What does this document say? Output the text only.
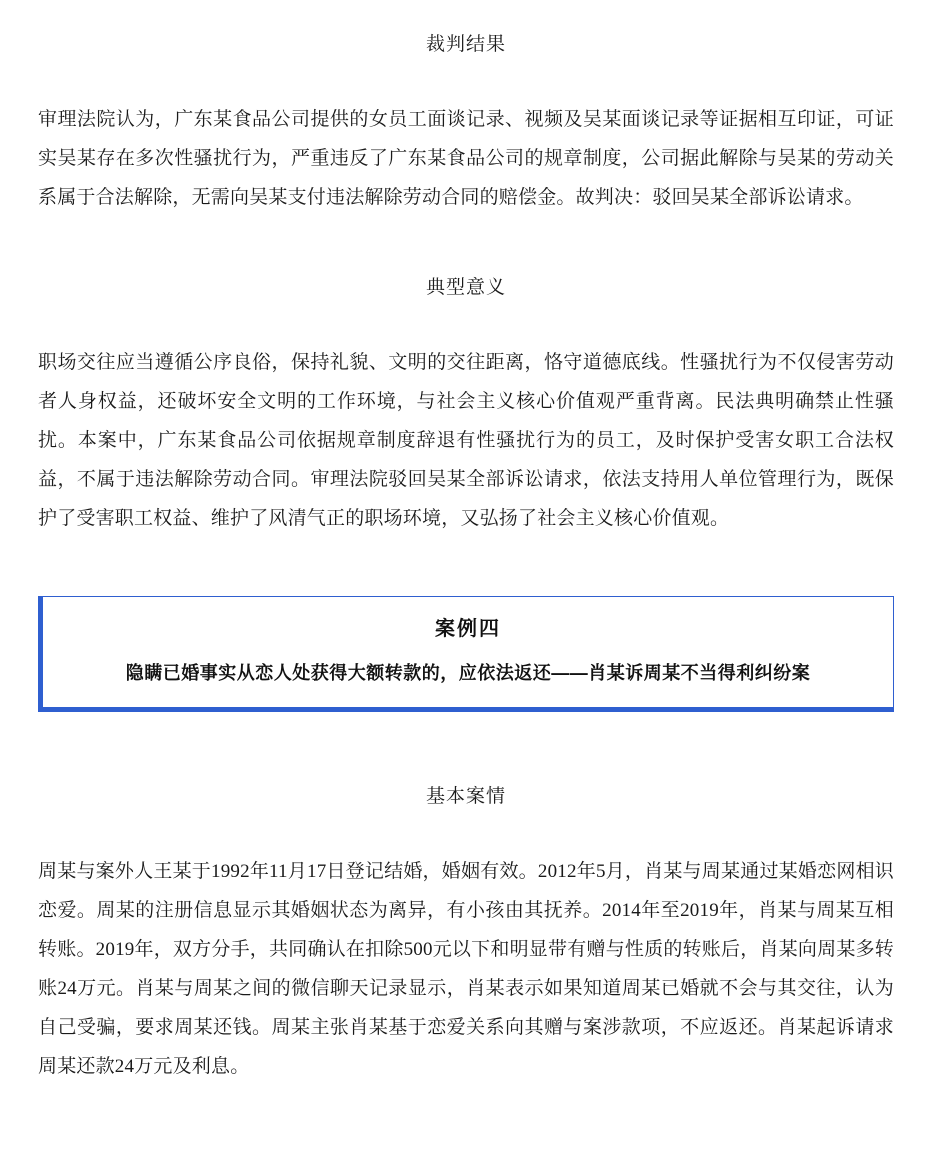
裁判结果

审理法院认为，广东某食品公司提供的女员工面谈记录、视频及吴某面谈记录等证据相互印证，可证实吴某存在多次性骚扰行为，严重违反了广东某食品公司的规章制度，公司据此解除与吴某的劳动关系属于合法解除，无需向吴某支付违法解除劳动合同的赔偿金。故判决：驳回吴某全部诉讼请求。

典型意义

职场交往应当遵循公序良俗，保持礼貌、文明的交往距离，恪守道德底线。性骚扰行为不仅侵害劳动者人身权益，还破坏安全文明的工作环境，与社会主义核心价值观严重背离。民法典明确禁止性骚扰。本案中，广东某食品公司依据规章制度辞退有性骚扰行为的员工，及时保护受害女职工合法权益，不属于违法解除劳动合同。审理法院驳回吴某全部诉讼请求，依法支持用人单位管理行为，既保护了受害职工权益、维护了风清气正的职场环境，又弘扬了社会主义核心价值观。

案例四
隐瞒已婚事实从恋人处获得大额转款的，应依法返还——肖某诉周某不当得利纠纷案
基本案情

周某与案外人王某于1992年11月17日登记结婚，婚姻有效。2012年5月，肖某与周某通过某婚恋网相识恋爱。周某的注册信息显示其婚姻状态为离异，有小孩由其抚养。2014年至2019年，肖某与周某互相转账。2019年，双方分手，共同确认在扣除500元以下和明显带有赠与性质的转账后，肖某向周某多转账24万元。肖某与周某之间的微信聊天记录显示，肖某表示如果知道周某已婚就不会与其交往，认为自己受骗，要求周某还钱。周某主张肖某基于恋爱关系向其赠与案涉款项，不应返还。肖某起诉请求周某还款24万元及利息。
